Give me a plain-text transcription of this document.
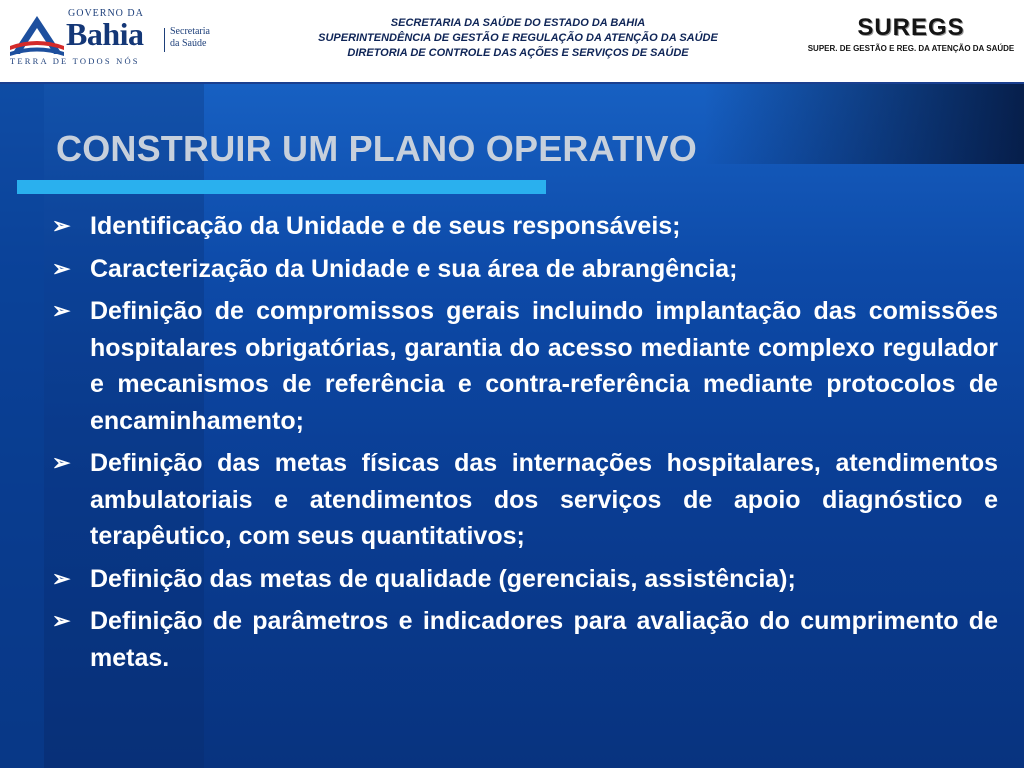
GOVERNO DA
Bahia	Secretaria
da Saúde
TERRA DE TODOS NÓS
SECRETARIA DA SAÚDE DO ESTADO DA BAHIA
SUPERINTENDÊNCIA DE GESTÃO E REGULAÇÃO DA ATENÇÃO DA SAÚDE
DIRETORIA DE CONTROLE DAS AÇÕES E SERVIÇOS DE SAÚDE
SUREGS
SUPER. DE GESTÃO E REG. DA ATENÇÃO DA SAÚDE
CONSTRUIR UM PLANO OPERATIVO
➢ Identificação da Unidade e de seus responsáveis;
➢ Caracterização da Unidade e sua área de abrangência;
➢ Definição de compromissos gerais incluindo implantação das comissões hospitalares obrigatórias, garantia do acesso mediante complexo regulador e mecanismos de referência e contra-referência mediante protocolos de encaminhamento;
➢ Definição das metas físicas das internações hospitalares, atendimentos ambulatoriais e atendimentos dos serviços de apoio diagnóstico e terapêutico, com seus quantitativos;
➢ Definição das metas de qualidade (gerenciais, assistência);
➢ Definição de parâmetros e indicadores para avaliação do cumprimento de metas.
